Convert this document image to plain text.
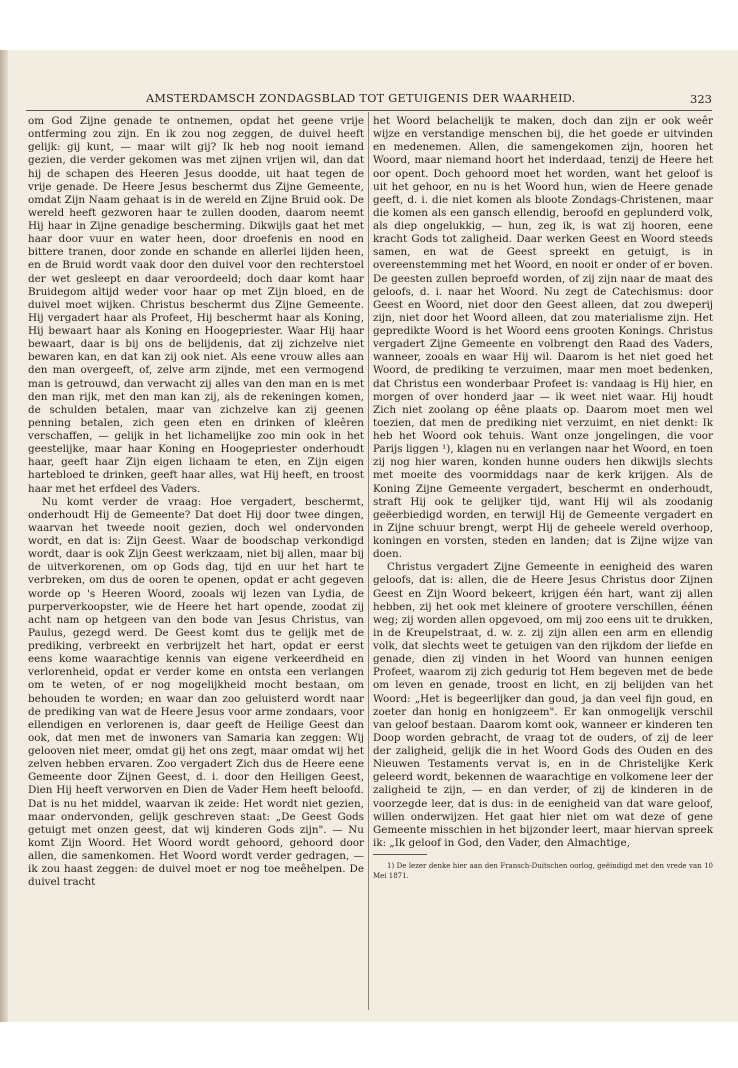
AMSTERDAMSCH ZONDAGSBLAD TOT GETUIGENIS DER WAARHEID.	323

om God Zijne genade te ontnemen, opdat het geene vrije ontferming zou zijn. En ik zou nog zeggen, de duivel heeft gelijk: gij kunt, — maar wilt gij? Ik heb nog nooit iemand gezien, die verder gekomen was met zijnen vrijen wil, dan dat hij de schapen des Heeren Jesus doodde, uit haat tegen de vrije genade. De Heere Jesus beschermt dus Zijne Gemeente, omdat Zijn Naam gehaat is in de wereld en Zijne Bruid ook. De wereld heeft gezworen haar te zullen dooden, daarom neemt Hij haar in Zijne genadige bescherming. Dikwijls gaat het met haar door vuur en water heen, door droefenis en nood en bittere tranen, door zonde en schande en allerlei lijden heen, en de Bruid wordt vaak door den duivel voor den rechterstoel der wet gesleept en daar veroordeeld; doch daar komt haar Bruidegom altijd weder voor haar op met Zijn bloed, en de duivel moet wijken. Christus beschermt dus Zijne Gemeente. Hij vergadert haar als Profeet, Hij beschermt haar als Koning, Hij bewaart haar als Koning en Hoogepriester. Waar Hij haar bewaart, daar is bij ons de belijdenis, dat zij zichzelve niet bewaren kan, en dat kan zij ook niet. Als eene vrouw alles aan den man overgeeft, of, zelve arm zijnde, met een vermogend man is getrouwd, dan verwacht zij alles van den man en is met den man rijk, met den man kan zij, als de rekeningen komen, de schulden betalen, maar van zichzelve kan zij geenen penning betalen, zich geen eten en drinken of kleêren verschaffen, — gelijk in het lichamelijke zoo min ook in het geestelijke, maar haar Koning en Hoogepriester onderhoudt haar, geeft haar Zijn eigen lichaam te eten, en Zijn eigen hartebloed te drinken, geeft haar alles, wat Hij heeft, en troost haar met het erfdeel des Vaders.

Nu komt verder de vraag: Hoe vergadert, beschermt, onderhoudt Hij de Gemeente? Dat doet Hij door twee dingen, waarvan het tweede nooit gezien, doch wel ondervonden wordt, en dat is: Zijn Geest. Waar de boodschap verkondigd wordt, daar is ook Zijn Geest werkzaam, niet bij allen, maar bij de uitverkorenen, om op Gods dag, tijd en uur het hart te verbreken, om dus de ooren te openen, opdat er acht gegeven worde op 's Heeren Woord, zooals wij lezen van Lydia, de purperverkoopster, wie de Heere het hart opende, zoodat zij acht nam op hetgeen van den bode van Jesus Christus, van Paulus, gezegd werd. De Geest komt dus te gelijk met de prediking, verbreekt en verbrijzelt het hart, opdat er eerst eens kome waarachtige kennis van eigene verkeerdheid en verlorenheid, opdat er verder kome en ontsta een verlangen om te weten, of er nog mogelijkheid mocht bestaan, om behouden te worden; en waar dan zoo geluisterd wordt naar de prediking van wat de Heere Jesus voor arme zondaars, voor ellendigen en verlorenen is, daar geeft de Heilige Geest dan ook, dat men met de inwoners van Samaria kan zeggen: Wij gelooven niet meer, omdat gij het ons zegt, maar omdat wij het zelven hebben ervaren. Zoo vergadert Zich dus de Heere eene Gemeente door Zijnen Geest, d. i. door den Heiligen Geest, Dien Hij heeft verworven en Dien de Vader Hem heeft beloofd. Dat is nu het middel, waarvan ik zeide: Het wordt niet gezien, maar ondervonden, gelijk geschreven staat: „De Geest Gods getuigt met onzen geest, dat wij kinderen Gods zijn". — Nu komt Zijn Woord. Het Woord wordt gehoord, gehoord door allen, die samenkomen. Het Woord wordt verder gedragen, — ik zou haast zeggen: de duivel moet er nog toe meêhelpen. De duivel tracht

het Woord belachelijk te maken, doch dan zijn er ook weêr wijze en verstandige menschen bij, die het goede er uitvinden en medenemen. Allen, die samengekomen zijn, hooren het Woord, maar niemand hoort het inderdaad, tenzij de Heere het oor opent. Doch gehoord moet het worden, want het geloof is uit het gehoor, en nu is het Woord hun, wien de Heere genade geeft, d. i. die niet komen als bloote Zondags-Christenen, maar die komen als een gansch ellendig, beroofd en geplunderd volk, als diep ongelukkig, — hun, zeg ik, is wat zij hooren, eene kracht Gods tot zaligheid. Daar werken Geest en Woord steeds samen, en wat de Geest spreekt en getuigt, is in overeenstemming met het Woord, en nooit er onder of er boven. De geesten zullen beproefd worden, of zij zijn naar de maat des geloofs, d. i. naar het Woord. Nu zegt de Catechismus: door Geest en Woord, niet door den Geest alleen, dat zou dweperij zijn, niet door het Woord alleen, dat zou materialisme zijn. Het gepredikte Woord is het Woord eens grooten Konings. Christus vergadert Zijne Gemeente en volbrengt den Raad des Vaders, wanneer, zooals en waar Hij wil. Daarom is het niet goed het Woord, de prediking te verzuimen, maar men moet bedenken, dat Christus een wonderbaar Profeet is: vandaag is Hij hier, en morgen of over honderd jaar — ik weet niet waar. Hij houdt Zich niet zoolang op éêne plaats op. Daarom moet men wel toezien, dat men de prediking niet verzuimt, en niet denkt: Ik heb het Woord ook tehuis. Want onze jongelingen, die voor Parijs liggen ¹), klagen nu en verlangen naar het Woord, en toen zij nog hier waren, konden hunne ouders hen dikwijls slechts met moeite des voormiddags naar de kerk krijgen. Als de Koning Zijne Gemeente vergadert, beschermt en onderhoudt, straft Hij ook te gelijker tijd, want Hij wil als zoodanig geëerbiedigd worden, en terwijl Hij de Gemeente vergadert en in Zijne schuur brengt, werpt Hij de geheele wereld overhoop, koningen en vorsten, steden en landen; dat is Zijne wijze van doen.

Christus vergadert Zijne Gemeente in eenigheid des waren geloofs, dat is: allen, die de Heere Jesus Christus door Zijnen Geest en Zijn Woord bekeert, krijgen één hart, want zij allen hebben, zij het ook met kleinere of grootere verschillen, éénen weg; zij worden allen opgevoed, om mij zoo eens uit te drukken, in de Kreupelstraat, d. w. z. zij zijn allen een arm en ellendig volk, dat slechts weet te getuigen van den rijkdom der liefde en genade, dien zij vinden in het Woord van hunnen eenigen Profeet, waarom zij zich gedurig tot Hem begeven met de bede om leven en genade, troost en licht, en zij belijden van het Woord: „Het is begeerlijker dan goud, ja dan veel fijn goud, en zoeter dan honig en honigzeem". Er kan onmogelijk verschil van geloof bestaan. Daarom komt ook, wanneer er kinderen ten Doop worden gebracht, de vraag tot de ouders, of zij de leer der zaligheid, gelijk die in het Woord Gods des Ouden en des Nieuwen Testaments vervat is, en in de Christelijke Kerk geleerd wordt, bekennen de waarachtige en volkomene leer der zaligheid te zijn, — en dan verder, of zij de kinderen in de voorzegde leer, dat is dus: in de eenigheid van dat ware geloof, willen onderwijzen. Het gaat hier niet om wat deze of gene Gemeente misschien in het bijzonder leert, maar hiervan spreek ik: „Ik geloof in God, den Vader, den Almachtige,

1) De lezer denke hier aan den Fransch-Duitschen oorlog, geëindigd met den vrede van 10 Mei 1871.
